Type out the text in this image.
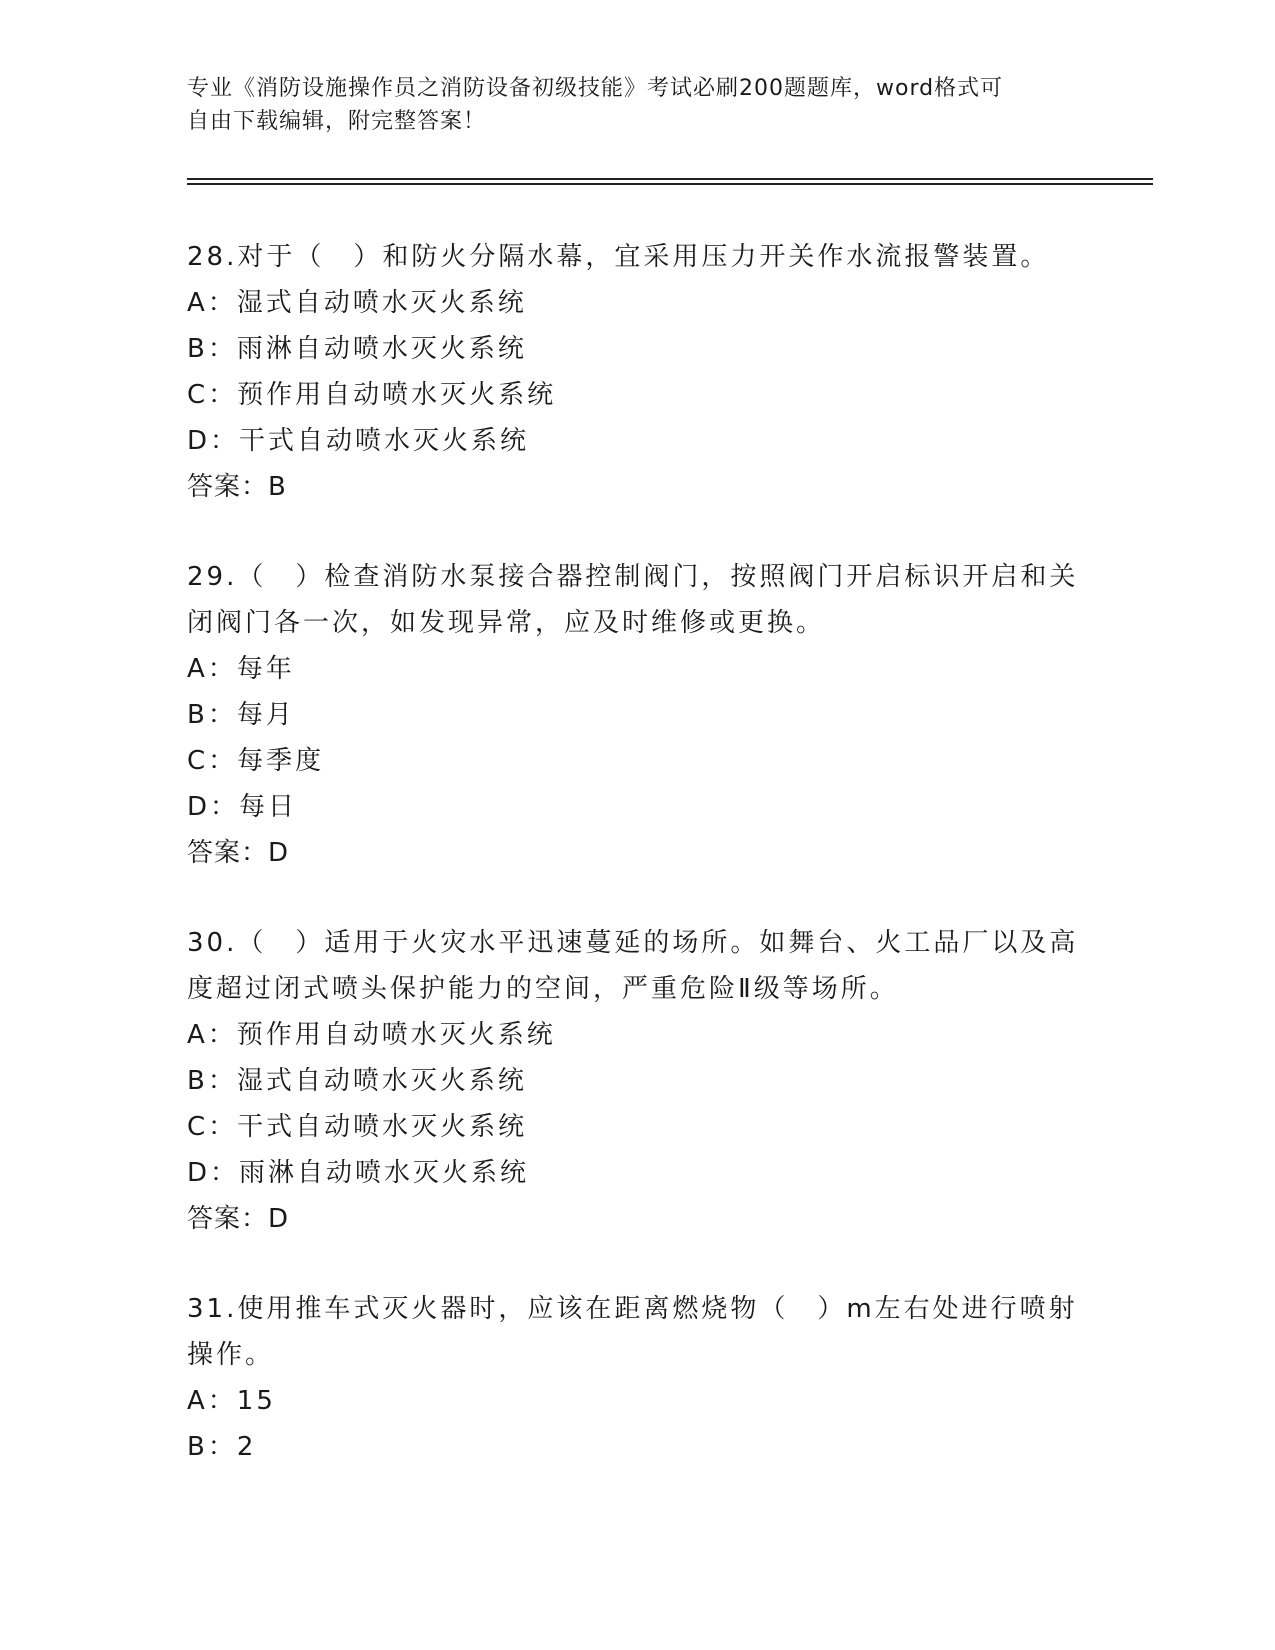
专业《消防设施操作员之消防设备初级技能》考试必刷200题题库，word格式可
自由下载编辑，附完整答案！
28.对于（　）和防火分隔水幕，宜采用压力开关作水流报警装置。
A：湿式自动喷水灭火系统
B：雨淋自动喷水灭火系统
C：预作用自动喷水灭火系统
D：干式自动喷水灭火系统
答案：B
29.（　）检查消防水泵接合器控制阀门，按照阀门开启标识开启和关
闭阀门各一次，如发现异常，应及时维修或更换。
A：每年
B：每月
C：每季度
D：每日
答案：D
30.（　）适用于火灾水平迅速蔓延的场所。如舞台、火工品厂以及高
度超过闭式喷头保护能力的空间，严重危险Ⅱ级等场所。
A：预作用自动喷水灭火系统
B：湿式自动喷水灭火系统
C：干式自动喷水灭火系统
D：雨淋自动喷水灭火系统
答案：D
31.使用推车式灭火器时，应该在距离燃烧物（　）m左右处进行喷射
操作。
A：15
B：2
